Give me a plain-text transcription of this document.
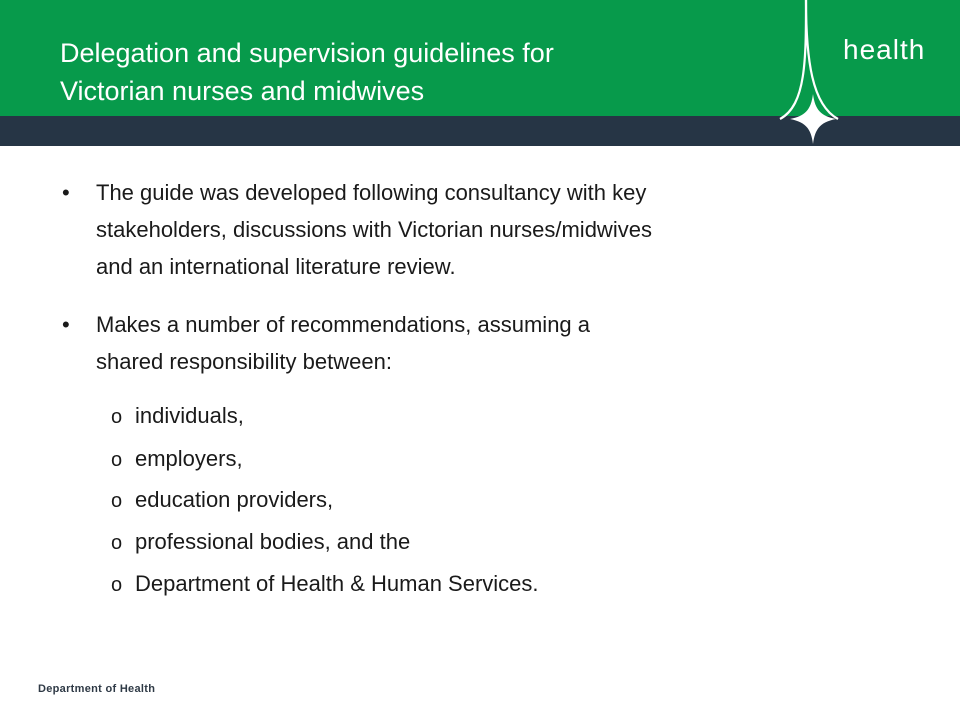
health
Delegation and supervision guidelines for
Victorian nurses and midwives
• The guide was developed following consultancy with key
stakeholders, discussions with Victorian nurses/midwives
and an international literature review.

• Makes a number of recommendations, assuming a
shared responsibility between:

o individuals,
o employers,
o education providers,
o professional bodies, and the
o Department of Health & Human Services.
Department of Health
